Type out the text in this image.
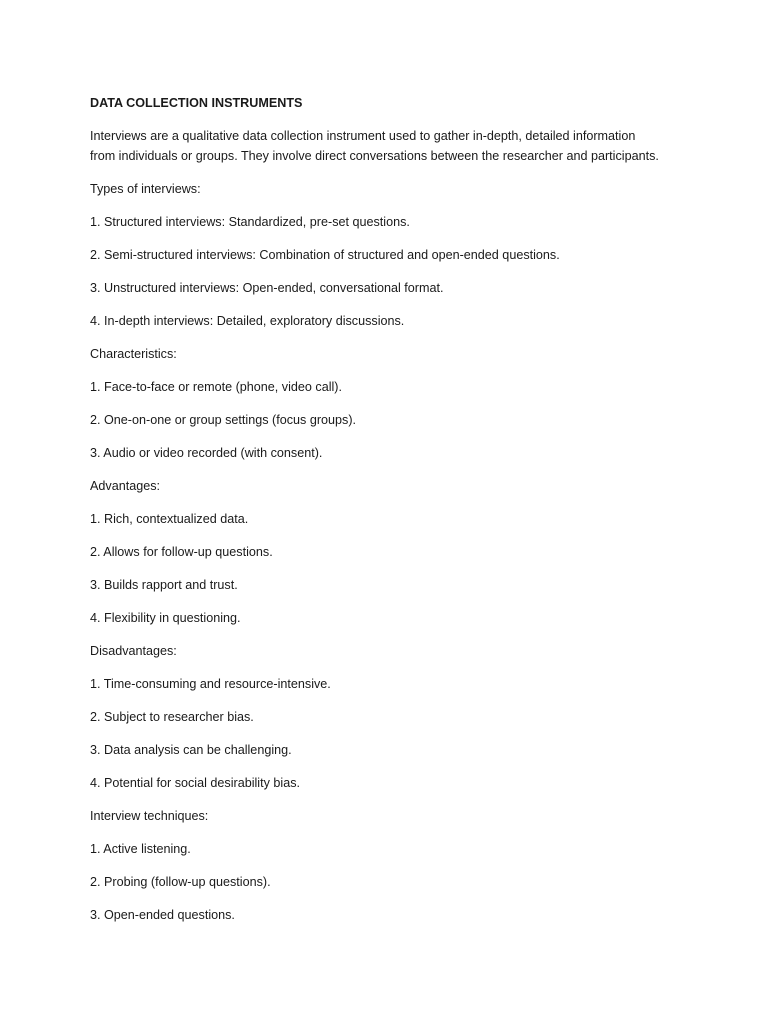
DATA COLLECTION INSTRUMENTS

Interviews are a qualitative data collection instrument used to gather in-depth, detailed information

from individuals or groups. They involve direct conversations between the researcher and participants.

Types of interviews:

1. Structured interviews: Standardized, pre-set questions.

2. Semi-structured interviews: Combination of structured and open-ended questions.

3. Unstructured interviews: Open-ended, conversational format.

4. In-depth interviews: Detailed, exploratory discussions.

Characteristics:

1. Face-to-face or remote (phone, video call).

2. One-on-one or group settings (focus groups).

3. Audio or video recorded (with consent).

Advantages:

1. Rich, contextualized data.

2. Allows for follow-up questions.

3. Builds rapport and trust.

4. Flexibility in questioning.

Disadvantages:

1. Time-consuming and resource-intensive.

2. Subject to researcher bias.

3. Data analysis can be challenging.

4. Potential for social desirability bias.

Interview techniques:

1. Active listening.

2. Probing (follow-up questions).

3. Open-ended questions.
